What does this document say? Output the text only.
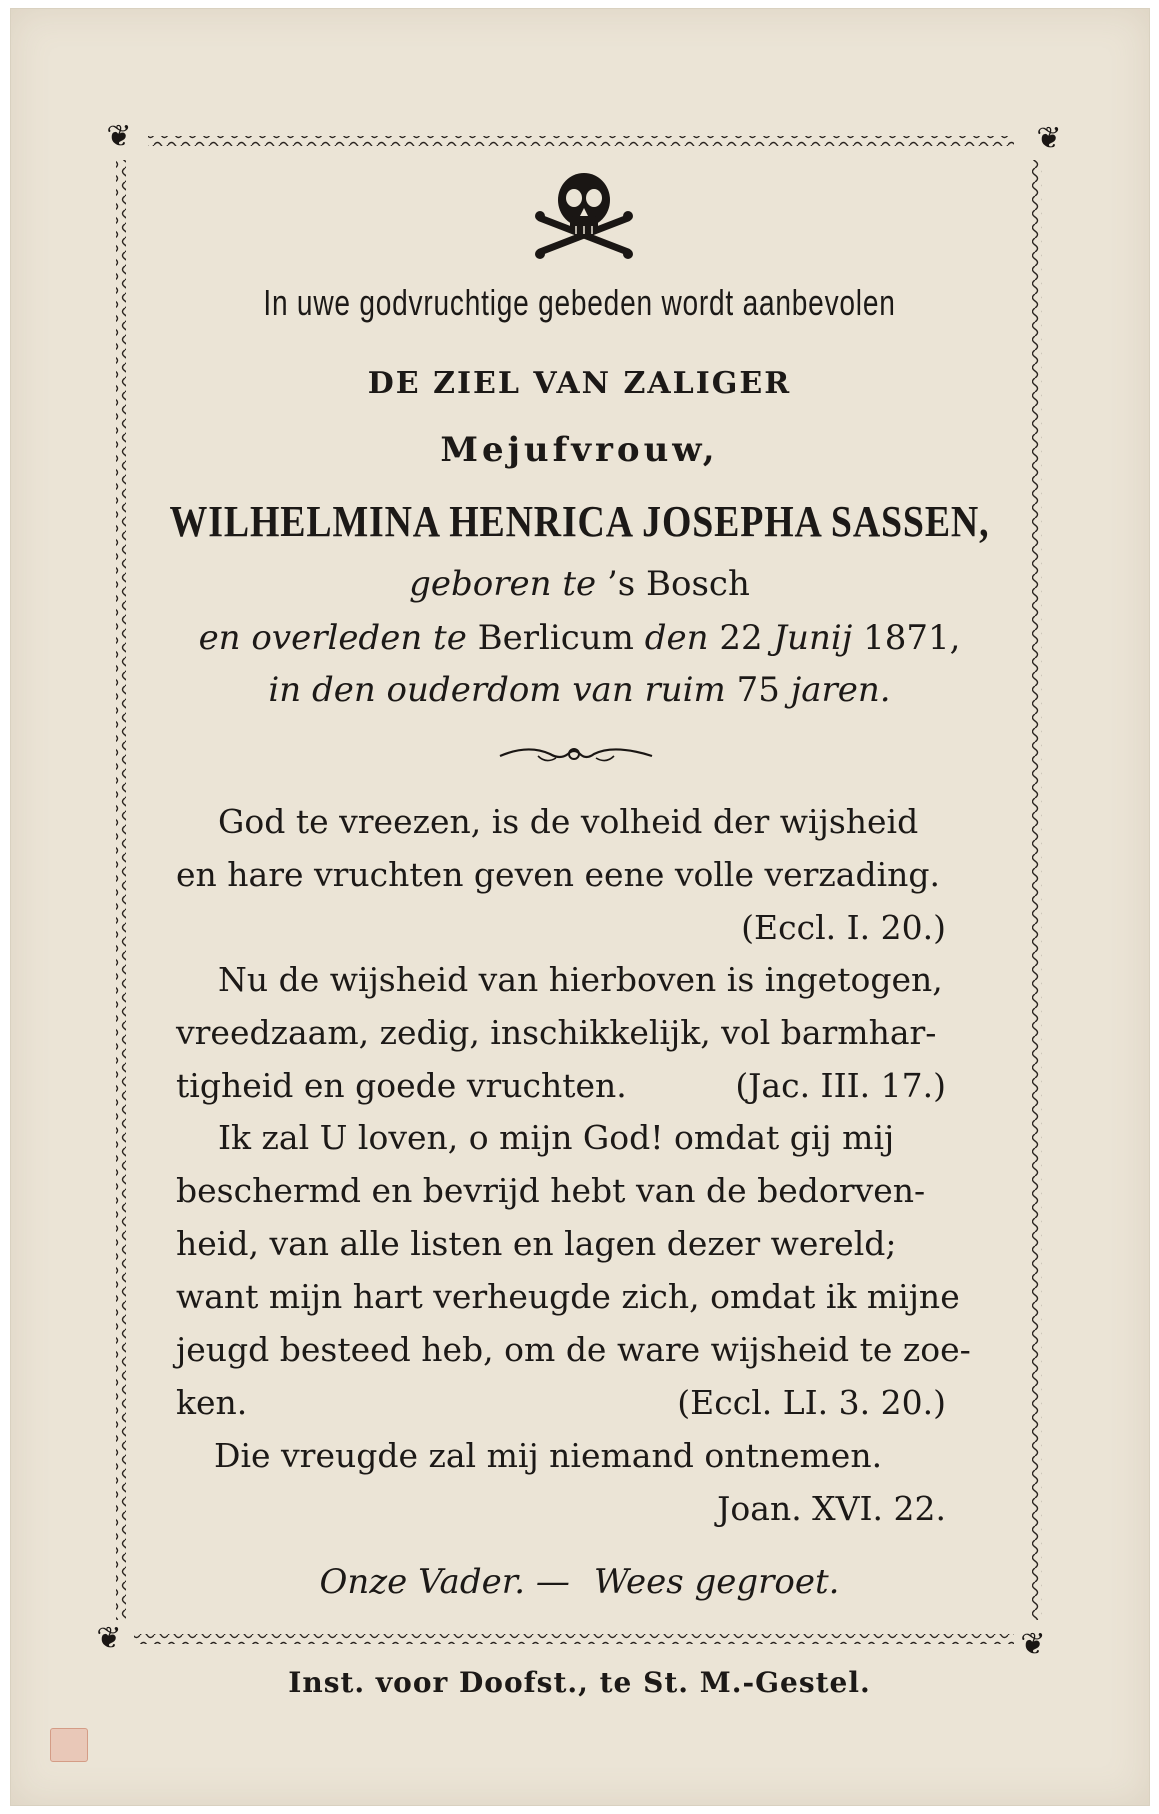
❦	❦
❦	❦
In uwe godvruchtige gebeden wordt aanbevolen
DE ZIEL VAN ZALIGER
Mejufvrouw,
WILHELMINA HENRICA JOSEPHA SASSEN,
geboren te ’s Bosch
en overleden te Berlicum den 22 Junij 1871,
in den ouderdom van ruim 75 jaren.
God te vreezen, is de volheid der wijsheid
en hare vruchten geven eene volle verzading.
(Eccl. I. 20.)
Nu de wijsheid van hierboven is ingetogen,
vreedzaam, zedig, inschikkelijk, vol barmhar-
tigheid en goede vruchten.	(Jac. III. 17.)
Ik zal U loven, o mijn God! omdat gij mij
beschermd en bevrijd hebt van de bedorven-
heid, van alle listen en lagen dezer wereld;
want mijn hart verheugde zich, omdat ik mijne
jeugd besteed heb, om de ware wijsheid te zoe-
ken.	(Eccl. LI. 3. 20.)
Die vreugde zal mij niemand ontnemen.
Joan. XVI. 22.
Onze Vader. — Wees gegroet.
Inst. voor Doofst., te St. M.-Gestel.
